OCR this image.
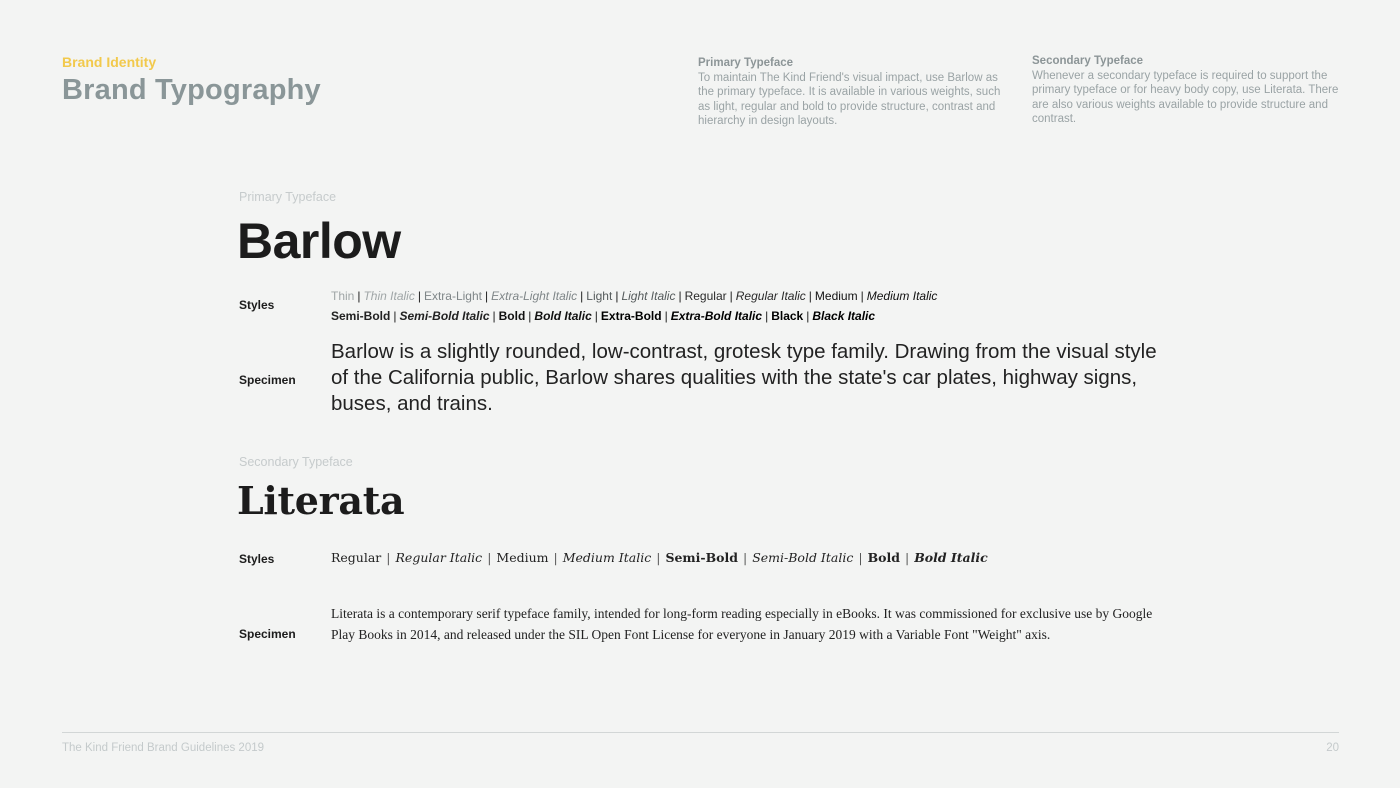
Brand Identity
Brand Typography
Primary Typeface
To maintain The Kind Friend's visual impact, use Barlow as the primary typeface. It is available in various weights, such as light, regular and bold to provide structure, contrast and hierarchy in design layouts.
Secondary Typeface
Whenever a secondary typeface is required to support the primary typeface or for heavy body copy, use Literata. There are also various weights available to provide structure and contrast.
Primary Typeface
Barlow
Styles
Thin | Thin Italic | Extra-Light | Extra-Light Italic | Light | Light Italic | Regular | Regular Italic | Medium | Medium Italic
Semi-Bold | Semi-Bold Italic | Bold | Bold Italic | Extra-Bold | Extra-Bold Italic | Black | Black Italic
Specimen
Barlow is a slightly rounded, low-contrast, grotesk type family. Drawing from the visual style of the California public, Barlow shares qualities with the state's car plates, highway signs, buses, and trains.
Secondary Typeface
Literata
Styles	Regular | Regular Italic | Medium | Medium Italic | Semi-Bold | Semi-Bold Italic | Bold | Bold Italic
Specimen
Literata is a contemporary serif typeface family, intended for long-form reading especially in eBooks. It was commissioned for exclusive use by Google Play Books in 2014, and released under the SIL Open Font License for everyone in January 2019 with a Variable Font "Weight" axis.
The Kind Friend Brand Guidelines 2019	20
